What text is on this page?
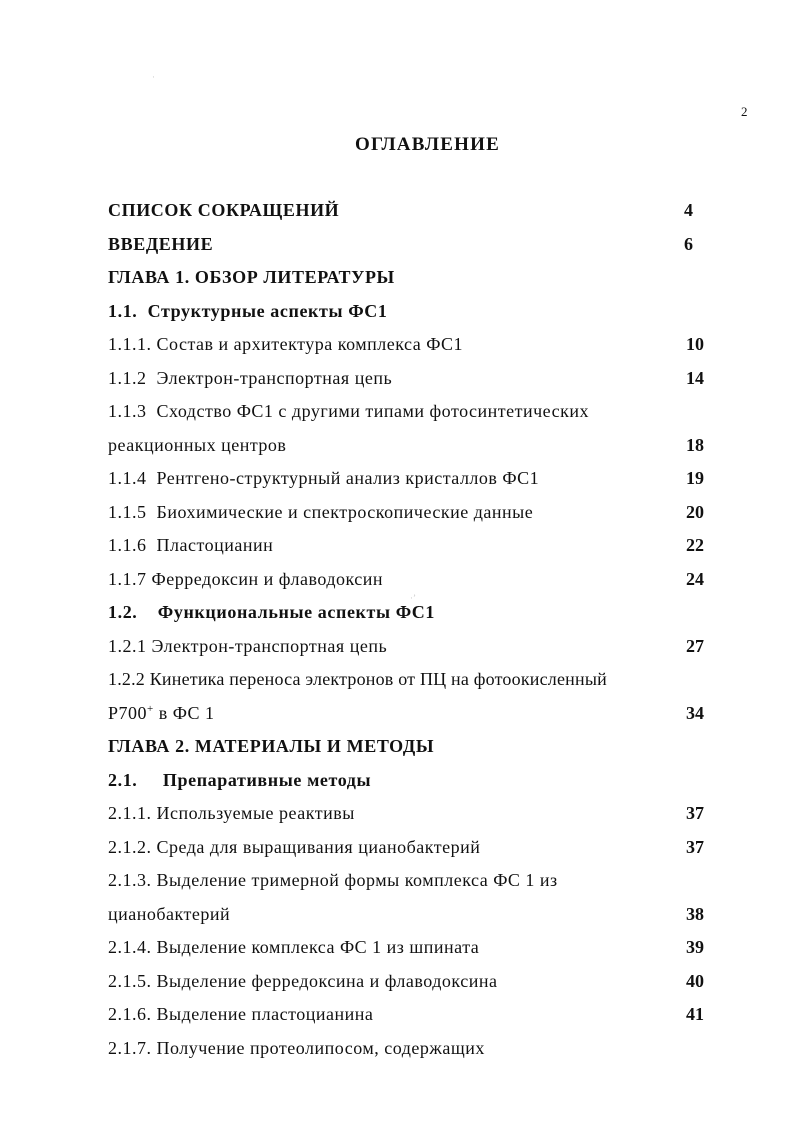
2
ОГЛАВЛЕНИЕ
СПИСОК СОКРАЩЕНИЙ	4
ВВЕДЕНИЕ	6
ГЛАВА 1. ОБЗОР ЛИТЕРАТУРЫ
1.1.  Структурные аспекты ФС1
1.1.1. Состав и архитектура комплекса ФС1	10
1.1.2  Электрон-транспортная цепь	14
1.1.3  Сходство ФС1 с другими типами фотосинтетических
реакционных центров	18
1.1.4  Рентгено-структурный анализ кристаллов ФС1	19
1.1.5  Биохимические и спектроскопические данные	20
1.1.6  Пластоцианин	22
1.1.7 Ферредоксин и флаводоксин	24
1.2.    Функциональные аспекты ФС1
1.2.1 Электрон-транспортная цепь	27
1.2.2 Кинетика переноса электронов от ПЦ на фотоокисленный
Р700+ в ФС 1	34
ГЛАВА 2. МАТЕРИАЛЫ И МЕТОДЫ
2.1.     Препаративные методы
2.1.1. Используемые реактивы	37
2.1.2. Среда для выращивания цианобактерий	37
2.1.3. Выделение тримерной формы комплекса ФС 1 из
цианобактерий	38
2.1.4. Выделение комплекса ФС 1 из шпината	39
2.1.5. Выделение ферредоксина и флаводоксина	40
2.1.6. Выделение пластоцианина	41
2.1.7. Получение протеолипосом, содержащих
·’
·
